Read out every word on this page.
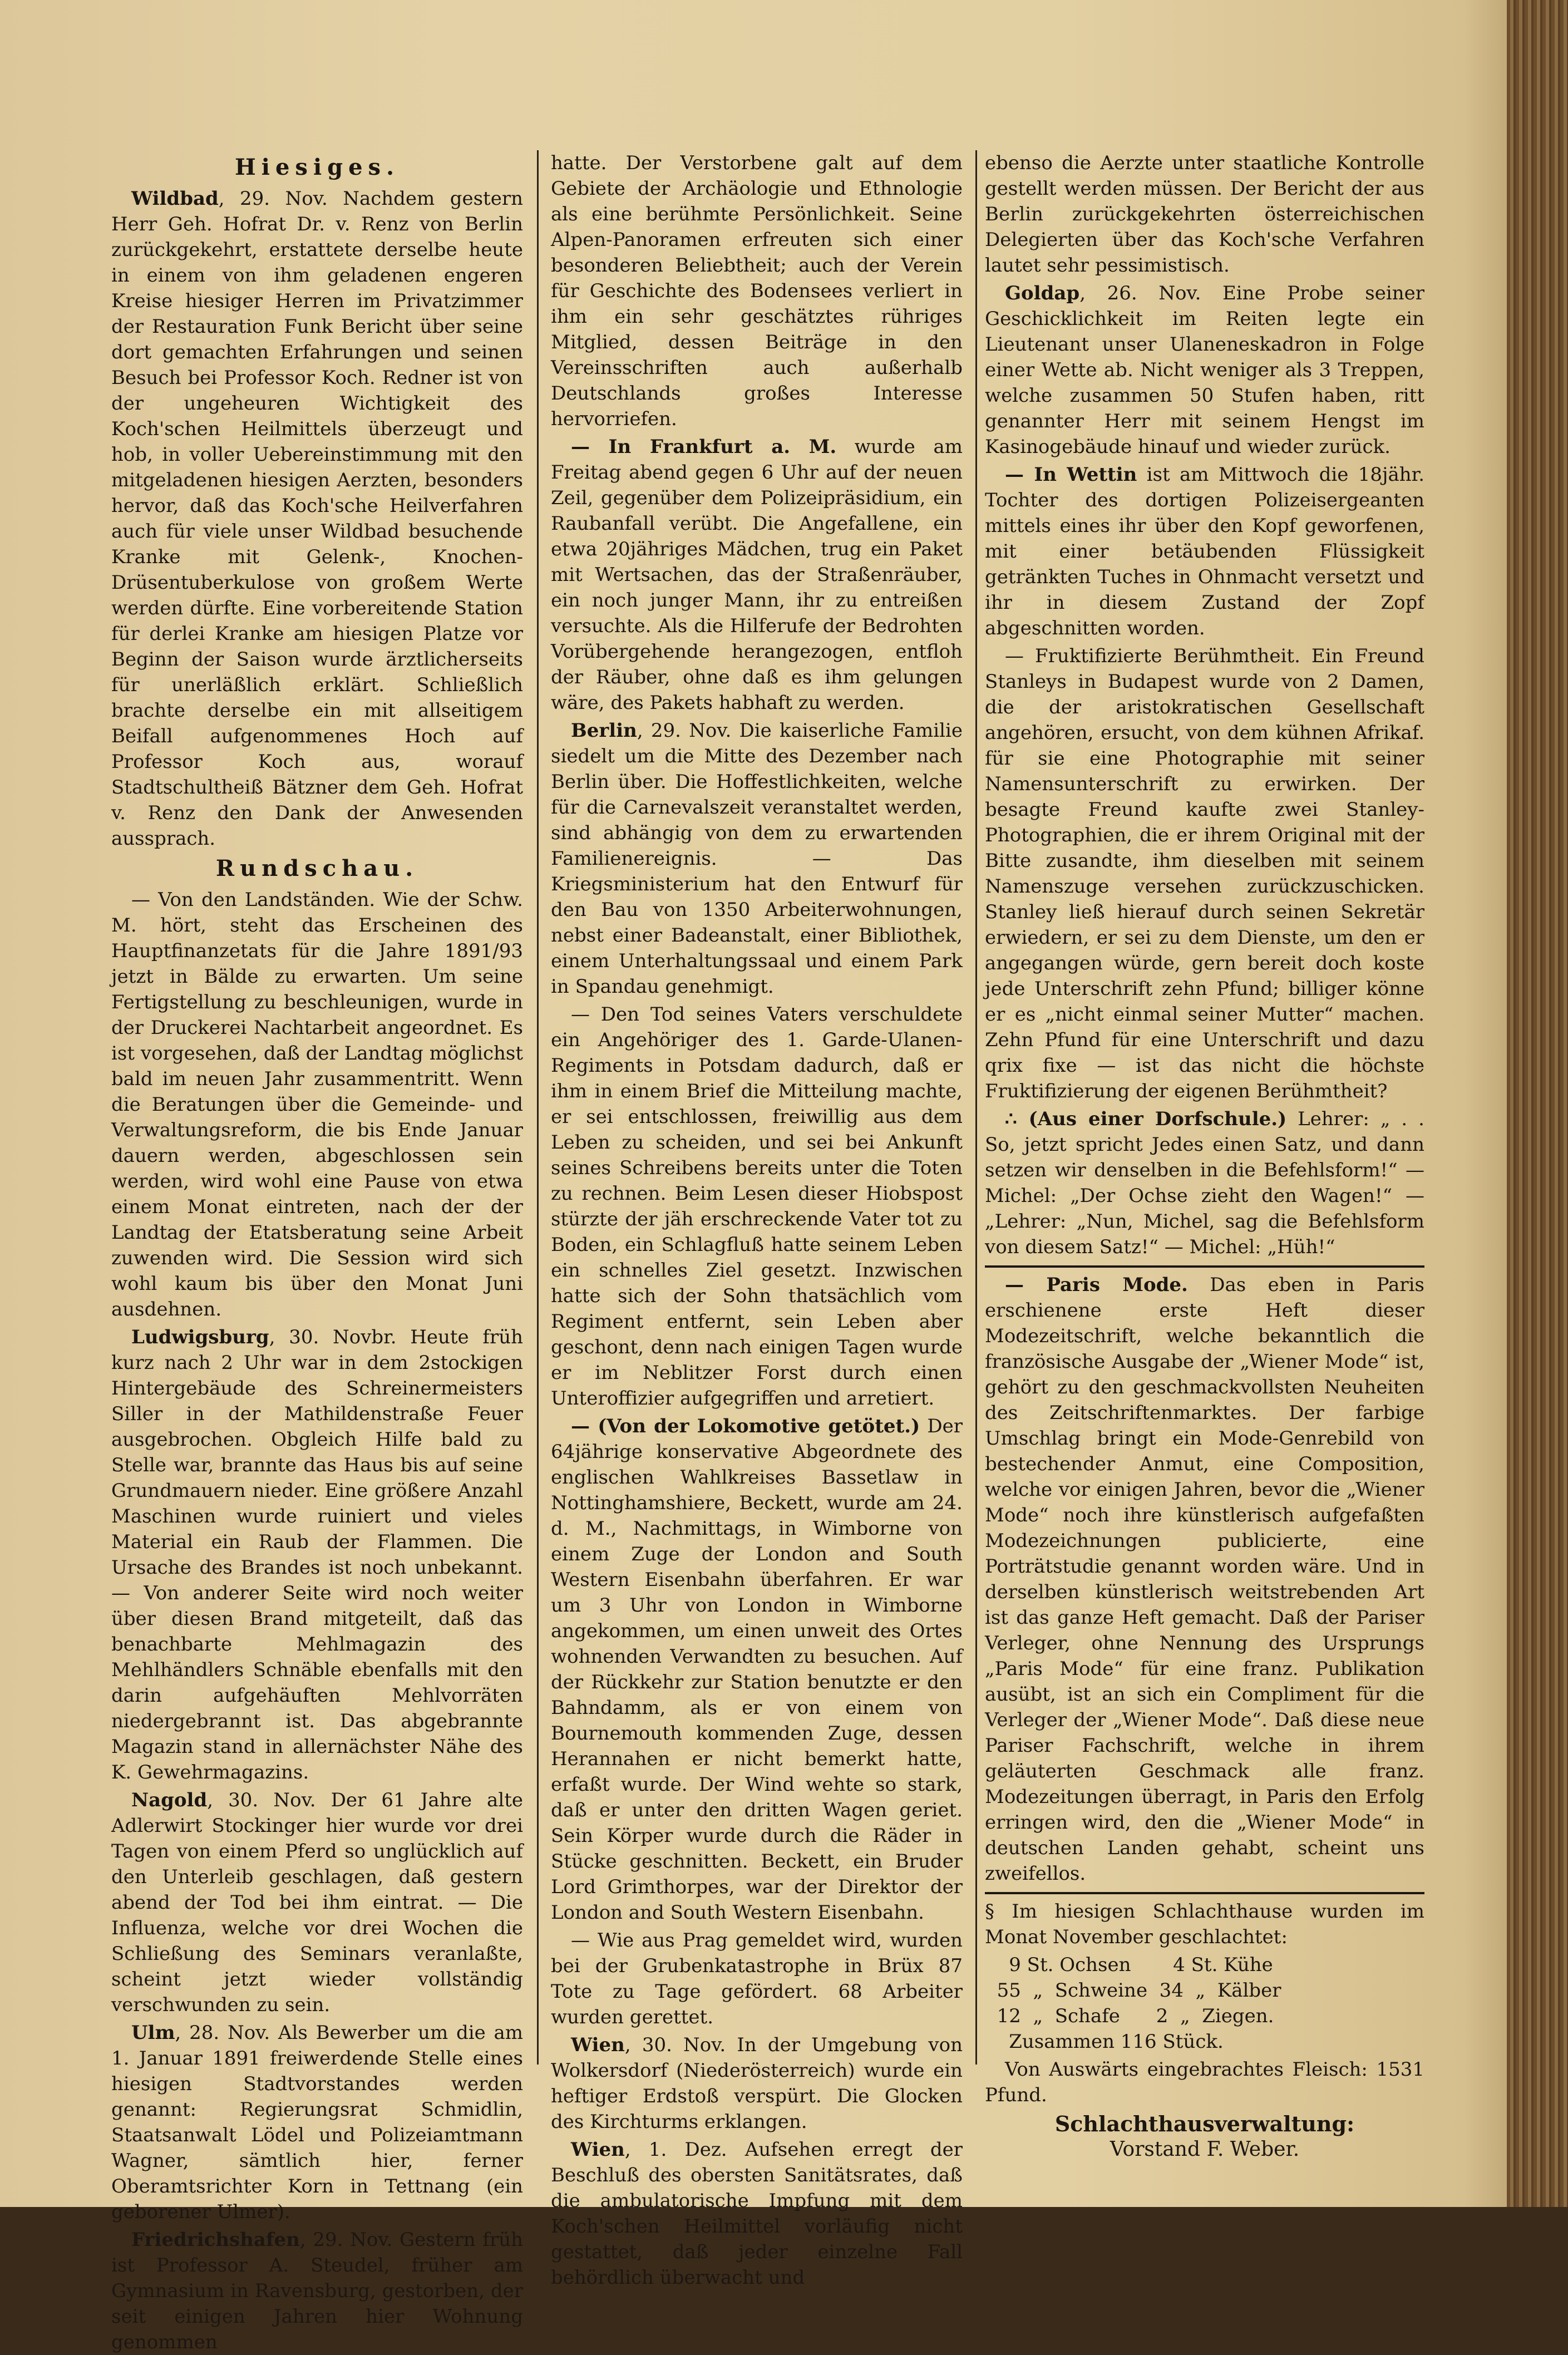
Hiesiges.

Wildbad, 29. Nov. Nachdem gestern Herr Geh. Hofrat Dr. v. Renz von Berlin zurückgekehrt, erstattete derselbe heute in einem von ihm geladenen engeren Kreise hiesiger Herren im Privatzimmer der Restauration Funk Bericht über seine dort gemachten Erfahrungen und seinen Besuch bei Professor Koch. Redner ist von der ungeheuren Wichtigkeit des Koch'schen Heilmittels überzeugt und hob, in voller Uebereinstimmung mit den mitgeladenen hiesigen Aerzten, besonders hervor, daß das Koch'sche Heilverfahren auch für viele unser Wildbad besuchende Kranke mit Gelenk-, Knochen- Drüsentuberkulose von großem Werte werden dürfte. Eine vorbereitende Station für derlei Kranke am hiesigen Platze vor Beginn der Saison wurde ärztlicherseits für unerläßlich erklärt. Schließlich brachte derselbe ein mit allseitigem Beifall aufgenommenes Hoch auf Professor Koch aus, worauf Stadtschultheiß Bätzner dem Geh. Hofrat v. Renz den Dank der Anwesenden aussprach.

Rundschau.

— Von den Landständen. Wie der Schw. M. hört, steht das Erscheinen des Hauptfinanzetats für die Jahre 1891/93 jetzt in Bälde zu erwarten. Um seine Fertigstellung zu beschleunigen, wurde in der Druckerei Nachtarbeit angeordnet. Es ist vorgesehen, daß der Landtag möglichst bald im neuen Jahr zusammentritt. Wenn die Beratungen über die Gemeinde- und Verwaltungsreform, die bis Ende Januar dauern werden, abgeschlossen sein werden, wird wohl eine Pause von etwa einem Monat eintreten, nach der der Landtag der Etatsberatung seine Arbeit zuwenden wird. Die Session wird sich wohl kaum bis über den Monat Juni ausdehnen.

Ludwigsburg, 30. Novbr. Heute früh kurz nach 2 Uhr war in dem 2stockigen Hintergebäude des Schreinermeisters Siller in der Mathildenstraße Feuer ausgebrochen. Obgleich Hilfe bald zu Stelle war, brannte das Haus bis auf seine Grundmauern nieder. Eine größere Anzahl Maschinen wurde ruiniert und vieles Material ein Raub der Flammen. Die Ursache des Brandes ist noch unbekannt. — Von anderer Seite wird noch weiter über diesen Brand mitgeteilt, daß das benachbarte Mehlmagazin des Mehlhändlers Schnäble ebenfalls mit den darin aufgehäuften Mehlvorräten niedergebrannt ist. Das abgebrannte Magazin stand in allernächster Nähe des K. Gewehrmagazins.

Nagold, 30. Nov. Der 61 Jahre alte Adlerwirt Stockinger hier wurde vor drei Tagen von einem Pferd so unglücklich auf den Unterleib geschlagen, daß gestern abend der Tod bei ihm eintrat. — Die Influenza, welche vor drei Wochen die Schließung des Seminars veranlaßte, scheint jetzt wieder vollständig verschwunden zu sein.

Ulm, 28. Nov. Als Bewerber um die am 1. Januar 1891 freiwerdende Stelle eines hiesigen Stadtvorstandes werden genannt: Regierungsrat Schmidlin, Staatsanwalt Lödel und Polizeiamtmann Wagner, sämtlich hier, ferner Oberamtsrichter Korn in Tettnang (ein geborener Ulmer).

Friedrichshafen, 29. Nov. Gestern früh ist Professor A. Steudel, früher am Gymnasium in Ravensburg, gestorben, der seit einigen Jahren hier Wohnung genommen

hatte. Der Verstorbene galt auf dem Gebiete der Archäologie und Ethnologie als eine berühmte Persönlichkeit. Seine Alpen-Panoramen erfreuten sich einer besonderen Beliebtheit; auch der Verein für Geschichte des Bodensees verliert in ihm ein sehr geschätztes rühriges Mitglied, dessen Beiträge in den Vereinsschriften auch außerhalb Deutschlands großes Interesse hervorriefen.

— In Frankfurt a. M. wurde am Freitag abend gegen 6 Uhr auf der neuen Zeil, gegenüber dem Polizeipräsidium, ein Raubanfall verübt. Die Angefallene, ein etwa 20jähriges Mädchen, trug ein Paket mit Wertsachen, das der Straßenräuber, ein noch junger Mann, ihr zu entreißen versuchte. Als die Hilferufe der Bedrohten Vorübergehende herangezogen, entfloh der Räuber, ohne daß es ihm gelungen wäre, des Pakets habhaft zu werden.

Berlin, 29. Nov. Die kaiserliche Familie siedelt um die Mitte des Dezember nach Berlin über. Die Hoffestlichkeiten, welche für die Carnevalszeit veranstaltet werden, sind abhängig von dem zu erwartenden Familienereignis. — Das Kriegsministerium hat den Entwurf für den Bau von 1350 Arbeiterwohnungen, nebst einer Badeanstalt, einer Bibliothek, einem Unterhaltungssaal und einem Park in Spandau genehmigt.

— Den Tod seines Vaters verschuldete ein Angehöriger des 1. Garde-Ulanen-Regiments in Potsdam dadurch, daß er ihm in einem Brief die Mitteilung machte, er sei entschlossen, freiwillig aus dem Leben zu scheiden, und sei bei Ankunft seines Schreibens bereits unter die Toten zu rechnen. Beim Lesen dieser Hiobspost stürzte der jäh erschreckende Vater tot zu Boden, ein Schlagfluß hatte seinem Leben ein schnelles Ziel gesetzt. Inzwischen hatte sich der Sohn thatsächlich vom Regiment entfernt, sein Leben aber geschont, denn nach einigen Tagen wurde er im Neblitzer Forst durch einen Unteroffizier aufgegriffen und arretiert.

— (Von der Lokomotive getötet.) Der 64jährige konservative Abgeordnete des englischen Wahlkreises Bassetlaw in Nottinghamshiere, Beckett, wurde am 24. d. M., Nachmittags, in Wimborne von einem Zuge der London and South Western Eisenbahn überfahren. Er war um 3 Uhr von London in Wimborne angekommen, um einen unweit des Ortes wohnenden Verwandten zu besuchen. Auf der Rückkehr zur Station benutzte er den Bahndamm, als er von einem von Bournemouth kommenden Zuge, dessen Herannahen er nicht bemerkt hatte, erfaßt wurde. Der Wind wehte so stark, daß er unter den dritten Wagen geriet. Sein Körper wurde durch die Räder in Stücke geschnitten. Beckett, ein Bruder Lord Grimthorpes, war der Direktor der London and South Western Eisenbahn.

— Wie aus Prag gemeldet wird, wurden bei der Grubenkatastrophe in Brüx 87 Tote zu Tage gefördert. 68 Arbeiter wurden gerettet.

Wien, 30. Nov. In der Umgebung von Wolkersdorf (Niederösterreich) wurde ein heftiger Erdstoß verspürt. Die Glocken des Kirchturms erklangen.

Wien, 1. Dez. Aufsehen erregt der Beschluß des obersten Sanitätsrates, daß die ambulatorische Impfung mit dem Koch'schen Heilmittel vorläufig nicht gestattet, daß jeder einzelne Fall behördlich überwacht und

ebenso die Aerzte unter staatliche Kontrolle gestellt werden müssen. Der Bericht der aus Berlin zurückgekehrten österreichischen Delegierten über das Koch'sche Verfahren lautet sehr pessimistisch.

Goldap, 26. Nov. Eine Probe seiner Geschicklichkeit im Reiten legte ein Lieutenant unser Ulaneneskadron in Folge einer Wette ab. Nicht weniger als 3 Treppen, welche zusammen 50 Stufen haben, ritt genannter Herr mit seinem Hengst im Kasinogebäude hinauf und wieder zurück.

— In Wettin ist am Mittwoch die 18jähr. Tochter des dortigen Polizeisergeanten mittels eines ihr über den Kopf geworfenen, mit einer betäubenden Flüssigkeit getränkten Tuches in Ohnmacht versetzt und ihr in diesem Zustand der Zopf abgeschnitten worden.

— Fruktifizierte Berühmtheit. Ein Freund Stanleys in Budapest wurde von 2 Damen, die der aristokratischen Gesellschaft angehören, ersucht, von dem kühnen Afrikaf. für sie eine Photographie mit seiner Namensunterschrift zu erwirken. Der besagte Freund kaufte zwei Stanley-Photographien, die er ihrem Original mit der Bitte zusandte, ihm dieselben mit seinem Namenszuge versehen zurückzuschicken. Stanley ließ hierauf durch seinen Sekretär erwiedern, er sei zu dem Dienste, um den er angegangen würde, gern bereit doch koste jede Unterschrift zehn Pfund; billiger könne er es „nicht einmal seiner Mutter“ machen. Zehn Pfund für eine Unterschrift und dazu qrix fixe — ist das nicht die höchste Fruktifizierung der eigenen Berühmtheit?

∴ (Aus einer Dorfschule.) Lehrer: „ . . So, jetzt spricht Jedes einen Satz, und dann setzen wir denselben in die Befehlsform!“ — Michel: „Der Ochse zieht den Wagen!“ — „Lehrer: „Nun, Michel, sag die Befehlsform von diesem Satz!“ — Michel: „Hüh!“

— Paris Mode. Das eben in Paris erschienene erste Heft dieser Modezeitschrift, welche bekanntlich die französische Ausgabe der „Wiener Mode“ ist, gehört zu den geschmackvollsten Neuheiten des Zeitschriftenmarktes. Der farbige Umschlag bringt ein Mode-Genrebild von bestechender Anmut, eine Composition, welche vor einigen Jahren, bevor die „Wiener Mode“ noch ihre künstlerisch aufgefaßten Modezeichnungen publicierte, eine Porträtstudie genannt worden wäre. Und in derselben künstlerisch weitstrebenden Art ist das ganze Heft gemacht. Daß der Pariser Verleger, ohne Nennung des Ursprungs „Paris Mode“ für eine franz. Publikation ausübt, ist an sich ein Compliment für die Verleger der „Wiener Mode“. Daß diese neue Pariser Fachschrift, welche in ihrem geläuterten Geschmack alle franz. Modezeitungen überragt, in Paris den Erfolg erringen wird, den die „Wiener Mode“ in deutschen Landen gehabt, scheint uns zweifellos.

§ Im hiesigen Schlachthause wurden im Monat November geschlachtet:

9 St. Ochsen       4 St. Kühe
55  „  Schweine  34  „  Kälber
12  „  Schafe      2  „  Ziegen.
Zusammen 116 Stück.

Von Auswärts eingebrachtes Fleisch: 1531 Pfund.

Schlachthausverwaltung:
Vorstand F. Weber.
